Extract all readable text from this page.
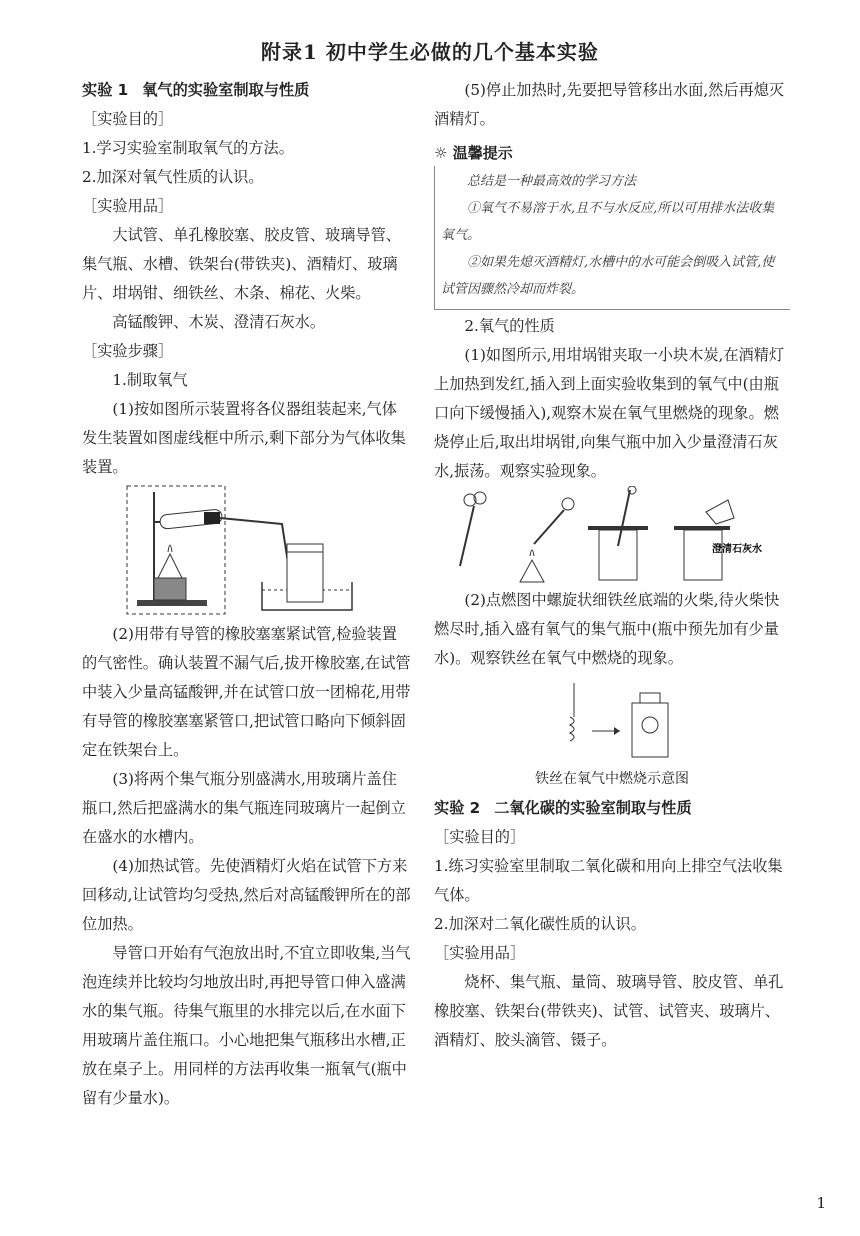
附录1 初中学生必做的几个基本实验

实验 1 氧气的实验室制取与性质

［实验目的］

1.学习实验室制取氧气的方法。

2.加深对氧气性质的认识。

［实验用品］

大试管、单孔橡胶塞、胶皮管、玻璃导管、集气瓶、水槽、铁架台(带铁夹)、酒精灯、玻璃片、坩埚钳、细铁丝、木条、棉花、火柴。

高锰酸钾、木炭、澄清石灰水。

［实验步骤］

1.制取氧气

(1)按如图所示装置将各仪器组装起来,气体发生装置如图虚线框中所示,剩下部分为气体收集装置。

(2)用带有导管的橡胶塞塞紧试管,检验装置的气密性。确认装置不漏气后,拔开橡胶塞,在试管中装入少量高锰酸钾,并在试管口放一团棉花,用带有导管的橡胶塞塞紧管口,把试管口略向下倾斜固定在铁架台上。

(3)将两个集气瓶分别盛满水,用玻璃片盖住瓶口,然后把盛满水的集气瓶连同玻璃片一起倒立在盛水的水槽内。

(4)加热试管。先使酒精灯火焰在试管下方来回移动,让试管均匀受热,然后对高锰酸钾所在的部位加热。

导管口开始有气泡放出时,不宜立即收集,当气泡连续并比较均匀地放出时,再把导管口伸入盛满水的集气瓶。待集气瓶里的水排完以后,在水面下用玻璃片盖住瓶口。小心地把集气瓶移出水槽,正放在桌子上。用同样的方法再收集一瓶氧气(瓶中留有少量水)。

(5)停止加热时,先要把导管移出水面,然后再熄灭酒精灯。

☼ 温馨提示

总结是一种最高效的学习方法

①氧气不易溶于水,且不与水反应,所以可用排水法收集氧气。

②如果先熄灭酒精灯,水槽中的水可能会倒吸入试管,使试管因骤然冷却而炸裂。

2.氧气的性质

(1)如图所示,用坩埚钳夹取一小块木炭,在酒精灯上加热到发红,插入到上面实验收集到的氧气中(由瓶口向下缓慢插入),观察木炭在氧气里燃烧的现象。燃烧停止后,取出坩埚钳,向集气瓶中加入少量澄清石灰水,振荡。观察实验现象。

澄清石灰水

(2)点燃图中螺旋状细铁丝底端的火柴,待火柴快燃尽时,插入盛有氧气的集气瓶中(瓶中预先加有少量水)。观察铁丝在氧气中燃烧的现象。

铁丝在氧气中燃烧示意图

实验 2 二氧化碳的实验室制取与性质

［实验目的］

1.练习实验室里制取二氧化碳和用向上排空气法收集气体。

2.加深对二氧化碳性质的认识。

［实验用品］

烧杯、集气瓶、量筒、玻璃导管、胶皮管、单孔橡胶塞、铁架台(带铁夹)、试管、试管夹、玻璃片、酒精灯、胶头滴管、镊子。

1
